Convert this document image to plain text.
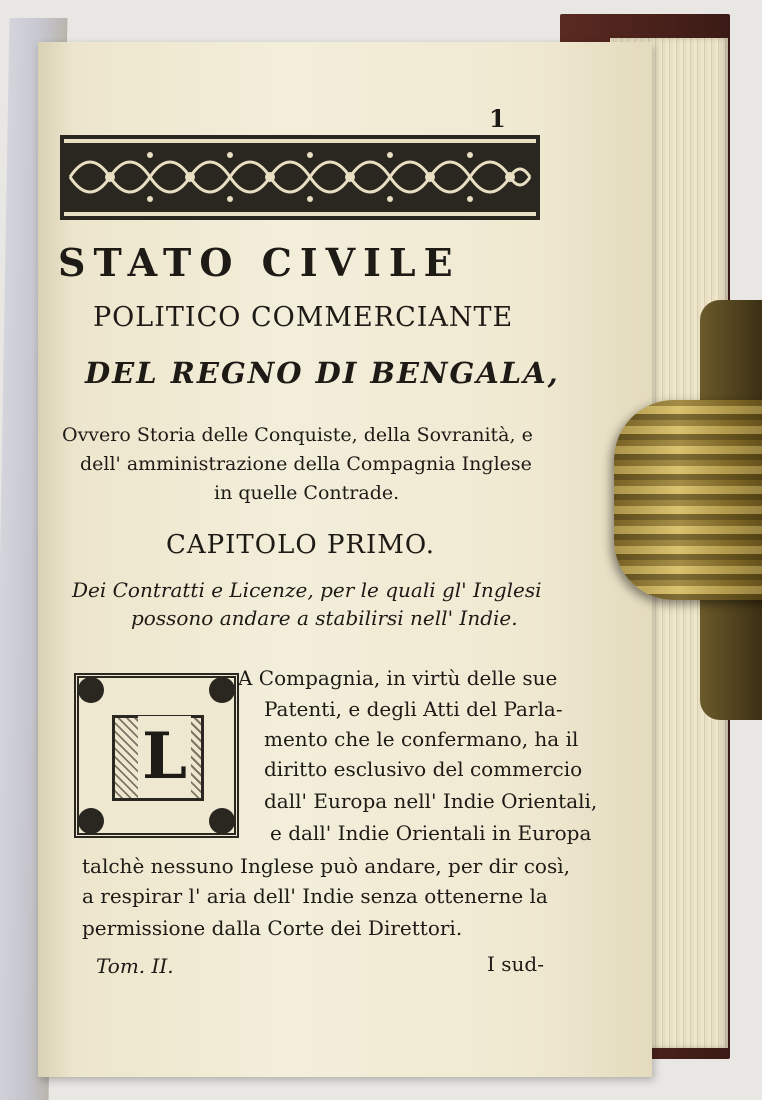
1
STATO CIVILE
POLITICO COMMERCIANTE
DEL REGNO DI BENGALA,
Ovvero Storia delle Conquiste, della Sovranità, e
dell' amministrazione della Compagnia Inglese
in quelle Contrade.
CAPITOLO PRIMO.
Dei Contratti e Licenze, per le quali gl' Inglesi
possono andare a stabilirsi nell' Indie.
L
A Compagnia, in virtù delle sue
Patenti, e degli Atti del Parla-
mento che le confermano, ha il
diritto esclusivo del commercio
dall' Europa nell' Indie Orientali,
e dall' Indie Orientali in Europa
talchè nessuno Inglese può andare, per dir così,
a respirar l' aria dell' Indie senza ottenerne la
permissione dalla Corte dei Direttori.
Tom. II.	I sud-
